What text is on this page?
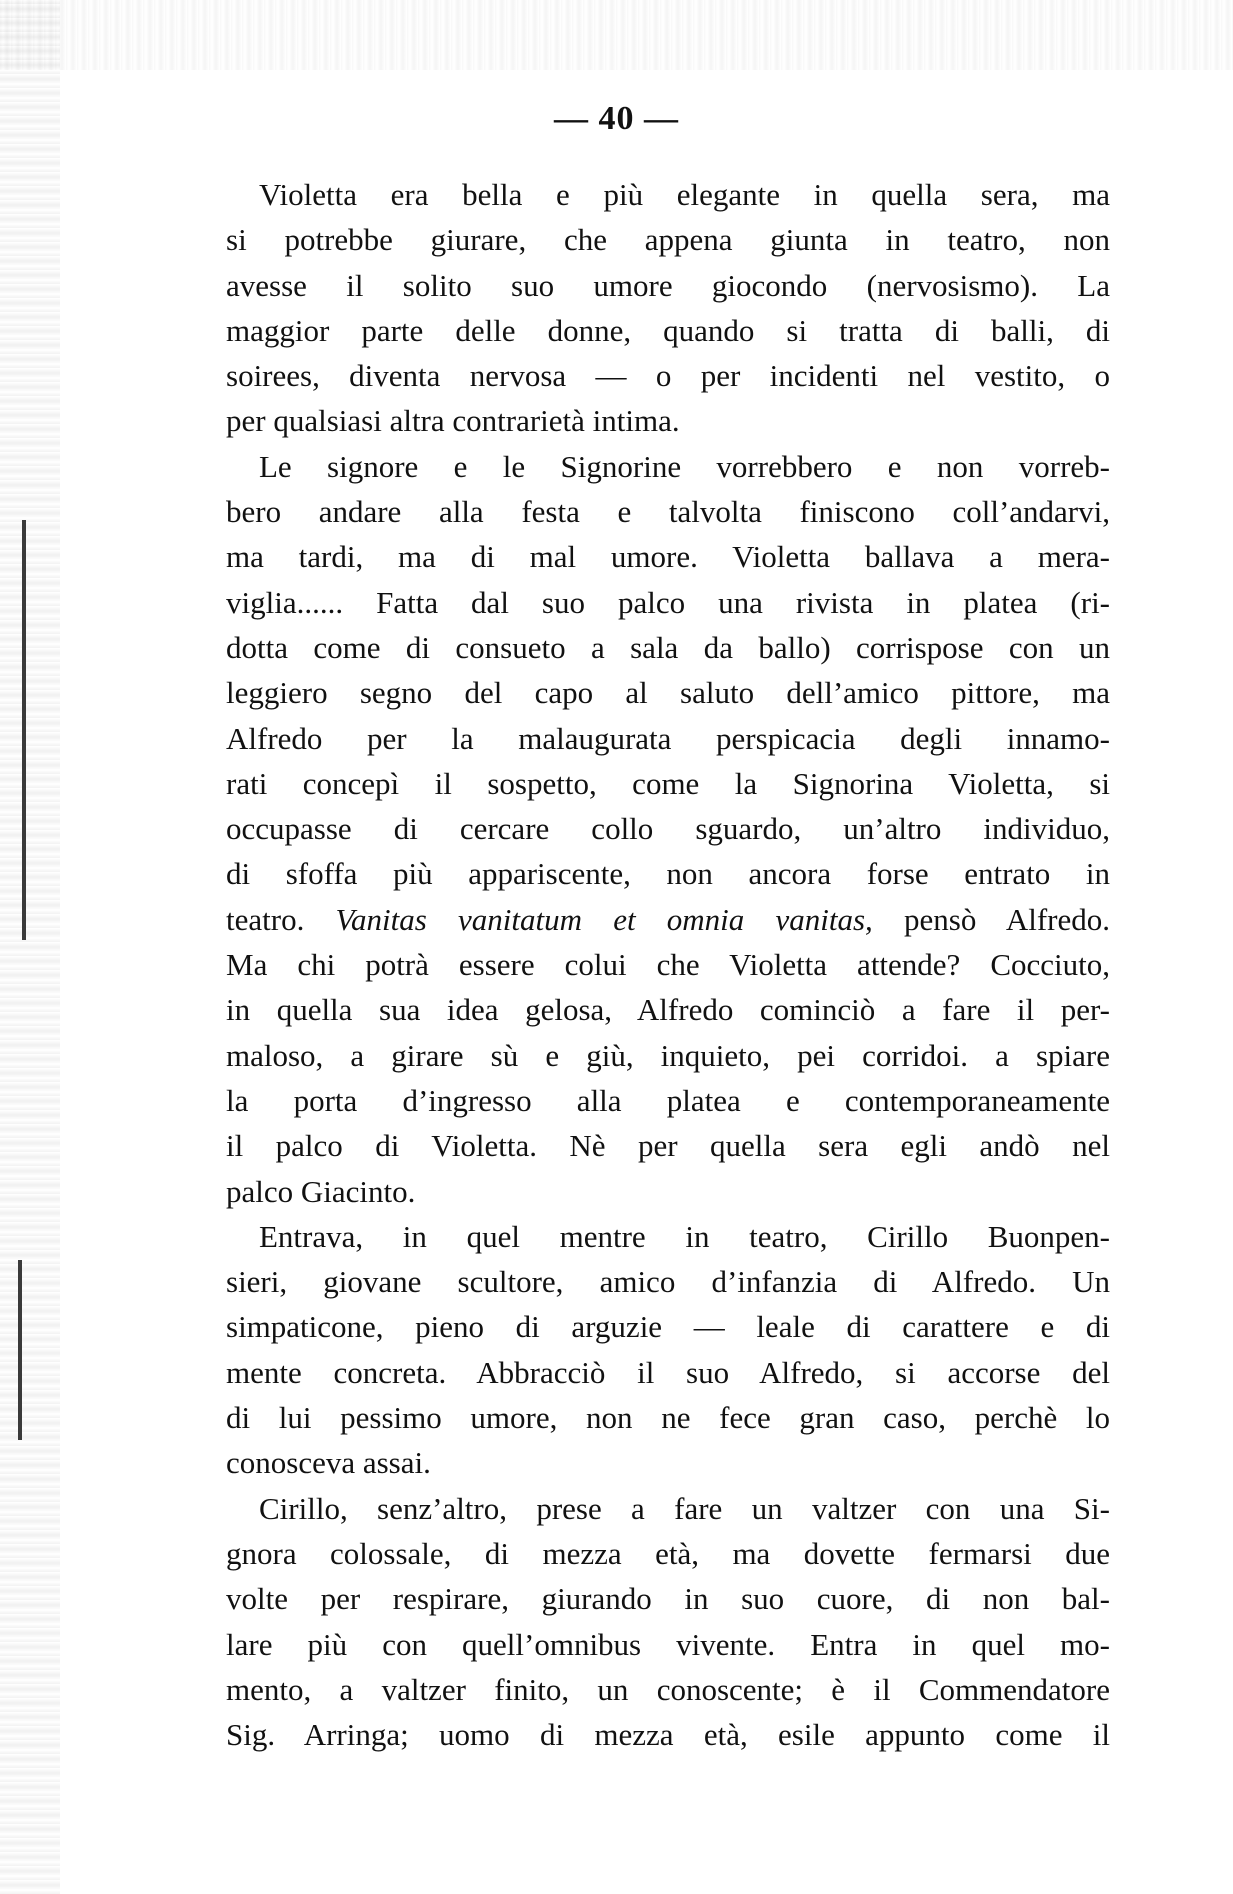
— 40 —
Violetta era bella e più elegante in quella sera, ma
si potrebbe giurare, che appena giunta in teatro, non
avesse il solito suo umore giocondo (nervosismo). La
maggior parte delle donne, quando si tratta di balli, di
soirees, diventa nervosa — o per incidenti nel vestito, o
per qualsiasi altra contrarietà intima.
Le signore e le Signorine vorrebbero e non vorreb-
bero andare alla festa e talvolta finiscono coll’andarvi,
ma tardi, ma di mal umore. Violetta ballava a mera-
viglia...... Fatta dal suo palco una rivista in platea (ri-
dotta come di consueto a sala da ballo) corrispose con un
leggiero segno del capo al saluto dell’amico pittore, ma
Alfredo per la malaugurata perspicacia degli innamo-
rati concepì il sospetto, come la Signorina Violetta, si
occupasse di cercare collo sguardo, un’altro individuo,
di sfoffa più appariscente, non ancora forse entrato in
teatro. Vanitas vanitatum et omnia vanitas, pensò Alfredo.
Ma chi potrà essere colui che Violetta attende? Cocciuto,
in quella sua idea gelosa, Alfredo cominciò a fare il per-
maloso, a girare sù e giù, inquieto, pei corridoi. a spiare
la porta d’ingresso alla platea e contemporaneamente
il palco di Violetta. Nè per quella sera egli andò nel
palco Giacinto.
Entrava, in quel mentre in teatro, Cirillo Buonpen-
sieri, giovane scultore, amico d’infanzia di Alfredo. Un
simpaticone, pieno di arguzie — leale di carattere e di
mente concreta. Abbracciò il suo Alfredo, si accorse del
di lui pessimo umore, non ne fece gran caso, perchè lo
conosceva assai.
Cirillo, senz’altro, prese a fare un valtzer con una Si-
gnora colossale, di mezza età, ma dovette fermarsi due
volte per respirare, giurando in suo cuore, di non bal-
lare più con quell’omnibus vivente. Entra in quel mo-
mento, a valtzer finito, un conoscente; è il Commendatore
Sig. Arringa; uomo di mezza età, esile appunto come il
